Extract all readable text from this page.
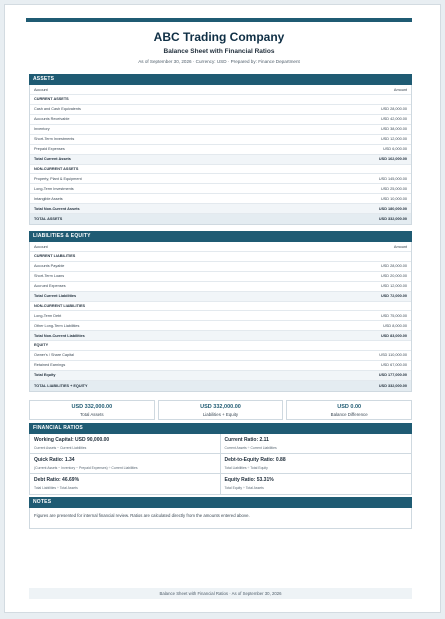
ABC Trading Company
Balance Sheet with Financial Ratios
As of September 30, 2026 · Currency: USD · Prepared by: Finance Department
ASSETS
Account	Amount
CURRENT ASSETS
Cash and Cash Equivalents	USD 28,000.00
Accounts Receivable	USD 42,000.00
Inventory	USD 38,000.00
Short-Term Investments	USD 12,000.00
Prepaid Expenses	USD 6,000.00
Total Current Assets	USD 162,000.00
NON-CURRENT ASSETS
Property, Plant & Equipment	USD 145,000.00
Long-Term Investments	USD 25,000.00
Intangible Assets	USD 10,000.00
Total Non-Current Assets	USD 180,000.00
TOTAL ASSETS	USD 332,000.00
LIABILITIES & EQUITY
Account	Amount
CURRENT LIABILITIES
Accounts Payable	USD 28,000.00
Short-Term Loans	USD 20,000.00
Accrued Expenses	USD 12,000.00
Total Current Liabilities	USD 72,000.00
NON-CURRENT LIABILITIES
Long-Term Debt	USD 75,000.00
Other Long-Term Liabilities	USD 8,000.00
Total Non-Current Liabilities	USD 83,000.00
EQUITY
Owner's / Share Capital	USD 110,000.00
Retained Earnings	USD 67,000.00
Total Equity	USD 177,000.00
TOTAL LIABILITIES + EQUITY	USD 332,000.00
USD 332,000.00
Total Assets
USD 332,000.00
Liabilities + Equity
USD 0.00
Balance Difference
FINANCIAL RATIOS
Working Capital: USD 90,000.00
Current Assets − Current Liabilities
Current Ratio: 2.11
Current Assets ÷ Current Liabilities
Quick Ratio: 1.34
(Current Assets − Inventory − Prepaid Expenses) ÷ Current Liabilities
Debt-to-Equity Ratio: 0.88
Total Liabilities ÷ Total Equity
Debt Ratio: 46.69%
Total Liabilities ÷ Total Assets
Equity Ratio: 53.31%
Total Equity ÷ Total Assets
NOTES
Figures are presented for internal financial review. Ratios are calculated directly from the amounts entered above.
Balance Sheet with Financial Ratios · As of September 30, 2026
